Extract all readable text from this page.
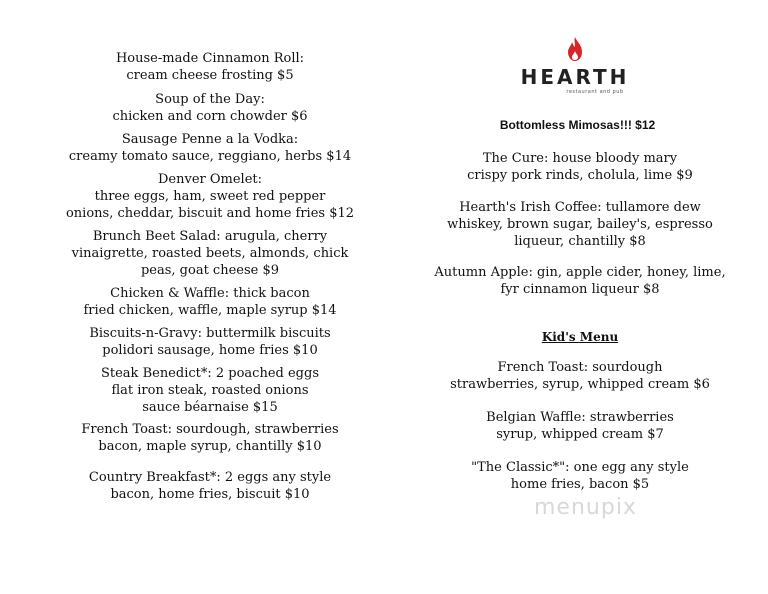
House-made Cinnamon Roll:
cream cheese frosting $5
Soup of the Day:
chicken and corn chowder $6
Sausage Penne a la Vodka:
creamy tomato sauce, reggiano, herbs $14
Denver Omelet:
three eggs, ham, sweet red pepper
onions, cheddar, biscuit and home fries $12
Brunch Beet Salad: arugula, cherry
vinaigrette, roasted beets, almonds, chick
peas, goat cheese $9
Chicken & Waffle: thick bacon
fried chicken, waffle, maple syrup $14
Biscuits-n-Gravy: buttermilk biscuits
polidori sausage, home fries $10
Steak Benedict*: 2 poached eggs
flat iron steak, roasted onions
sauce béarnaise $15
French Toast: sourdough, strawberries
bacon, maple syrup, chantilly $10
Country Breakfast*: 2 eggs any style
bacon, home fries, biscuit $10
HEARTH
restaurant and pub
Bottomless Mimosas!!! $12
The Cure: house bloody mary
crispy pork rinds, cholula, lime $9
Hearth's Irish Coffee: tullamore dew
whiskey, brown sugar, bailey's, espresso
liqueur, chantilly $8
Autumn Apple: gin, apple cider, honey, lime,
fyr cinnamon liqueur $8
Kid's Menu
French Toast: sourdough
strawberries, syrup, whipped cream $6
Belgian Waffle: strawberries
syrup, whipped cream $7
"The Classic*": one egg any style
home fries, bacon $5
menupix
